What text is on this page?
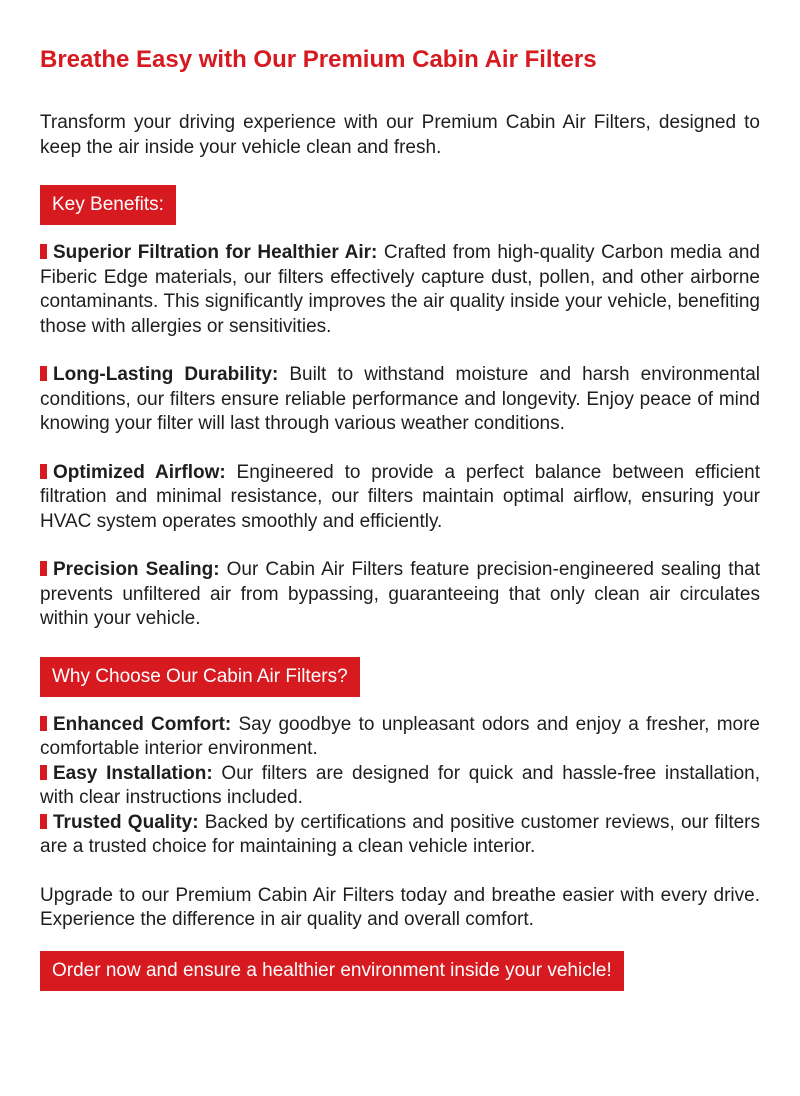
Breathe Easy with Our Premium Cabin Air Filters

Transform your driving experience with our Premium Cabin Air Filters, designed to keep the air inside your vehicle clean and fresh.

Key Benefits:

Superior Filtration for Healthier Air: Crafted from high-quality Carbon media and Fiberic Edge materials, our filters effectively capture dust, pollen, and other airborne contaminants. This significantly improves the air quality inside your vehicle, benefiting those with allergies or sensitivities.

Long-Lasting Durability: Built to withstand moisture and harsh environmental conditions, our filters ensure reliable performance and longevity. Enjoy peace of mind knowing your filter will last through various weather conditions.

Optimized Airflow: Engineered to provide a perfect balance between efficient filtration and minimal resistance, our filters maintain optimal airflow, ensuring your HVAC system operates smoothly and efficiently.

Precision Sealing: Our Cabin Air Filters feature precision-engineered sealing that prevents unfiltered air from bypassing, guaranteeing that only clean air circulates within your vehicle.

Why Choose Our Cabin Air Filters?

Enhanced Comfort: Say goodbye to unpleasant odors and enjoy a fresher, more comfortable interior environment.

Easy Installation: Our filters are designed for quick and hassle-free installation, with clear instructions included.

Trusted Quality: Backed by certifications and positive customer reviews, our filters are a trusted choice for maintaining a clean vehicle interior.

Upgrade to our Premium Cabin Air Filters today and breathe easier with every drive. Experience the difference in air quality and overall comfort.

Order now and ensure a healthier environment inside your vehicle!
